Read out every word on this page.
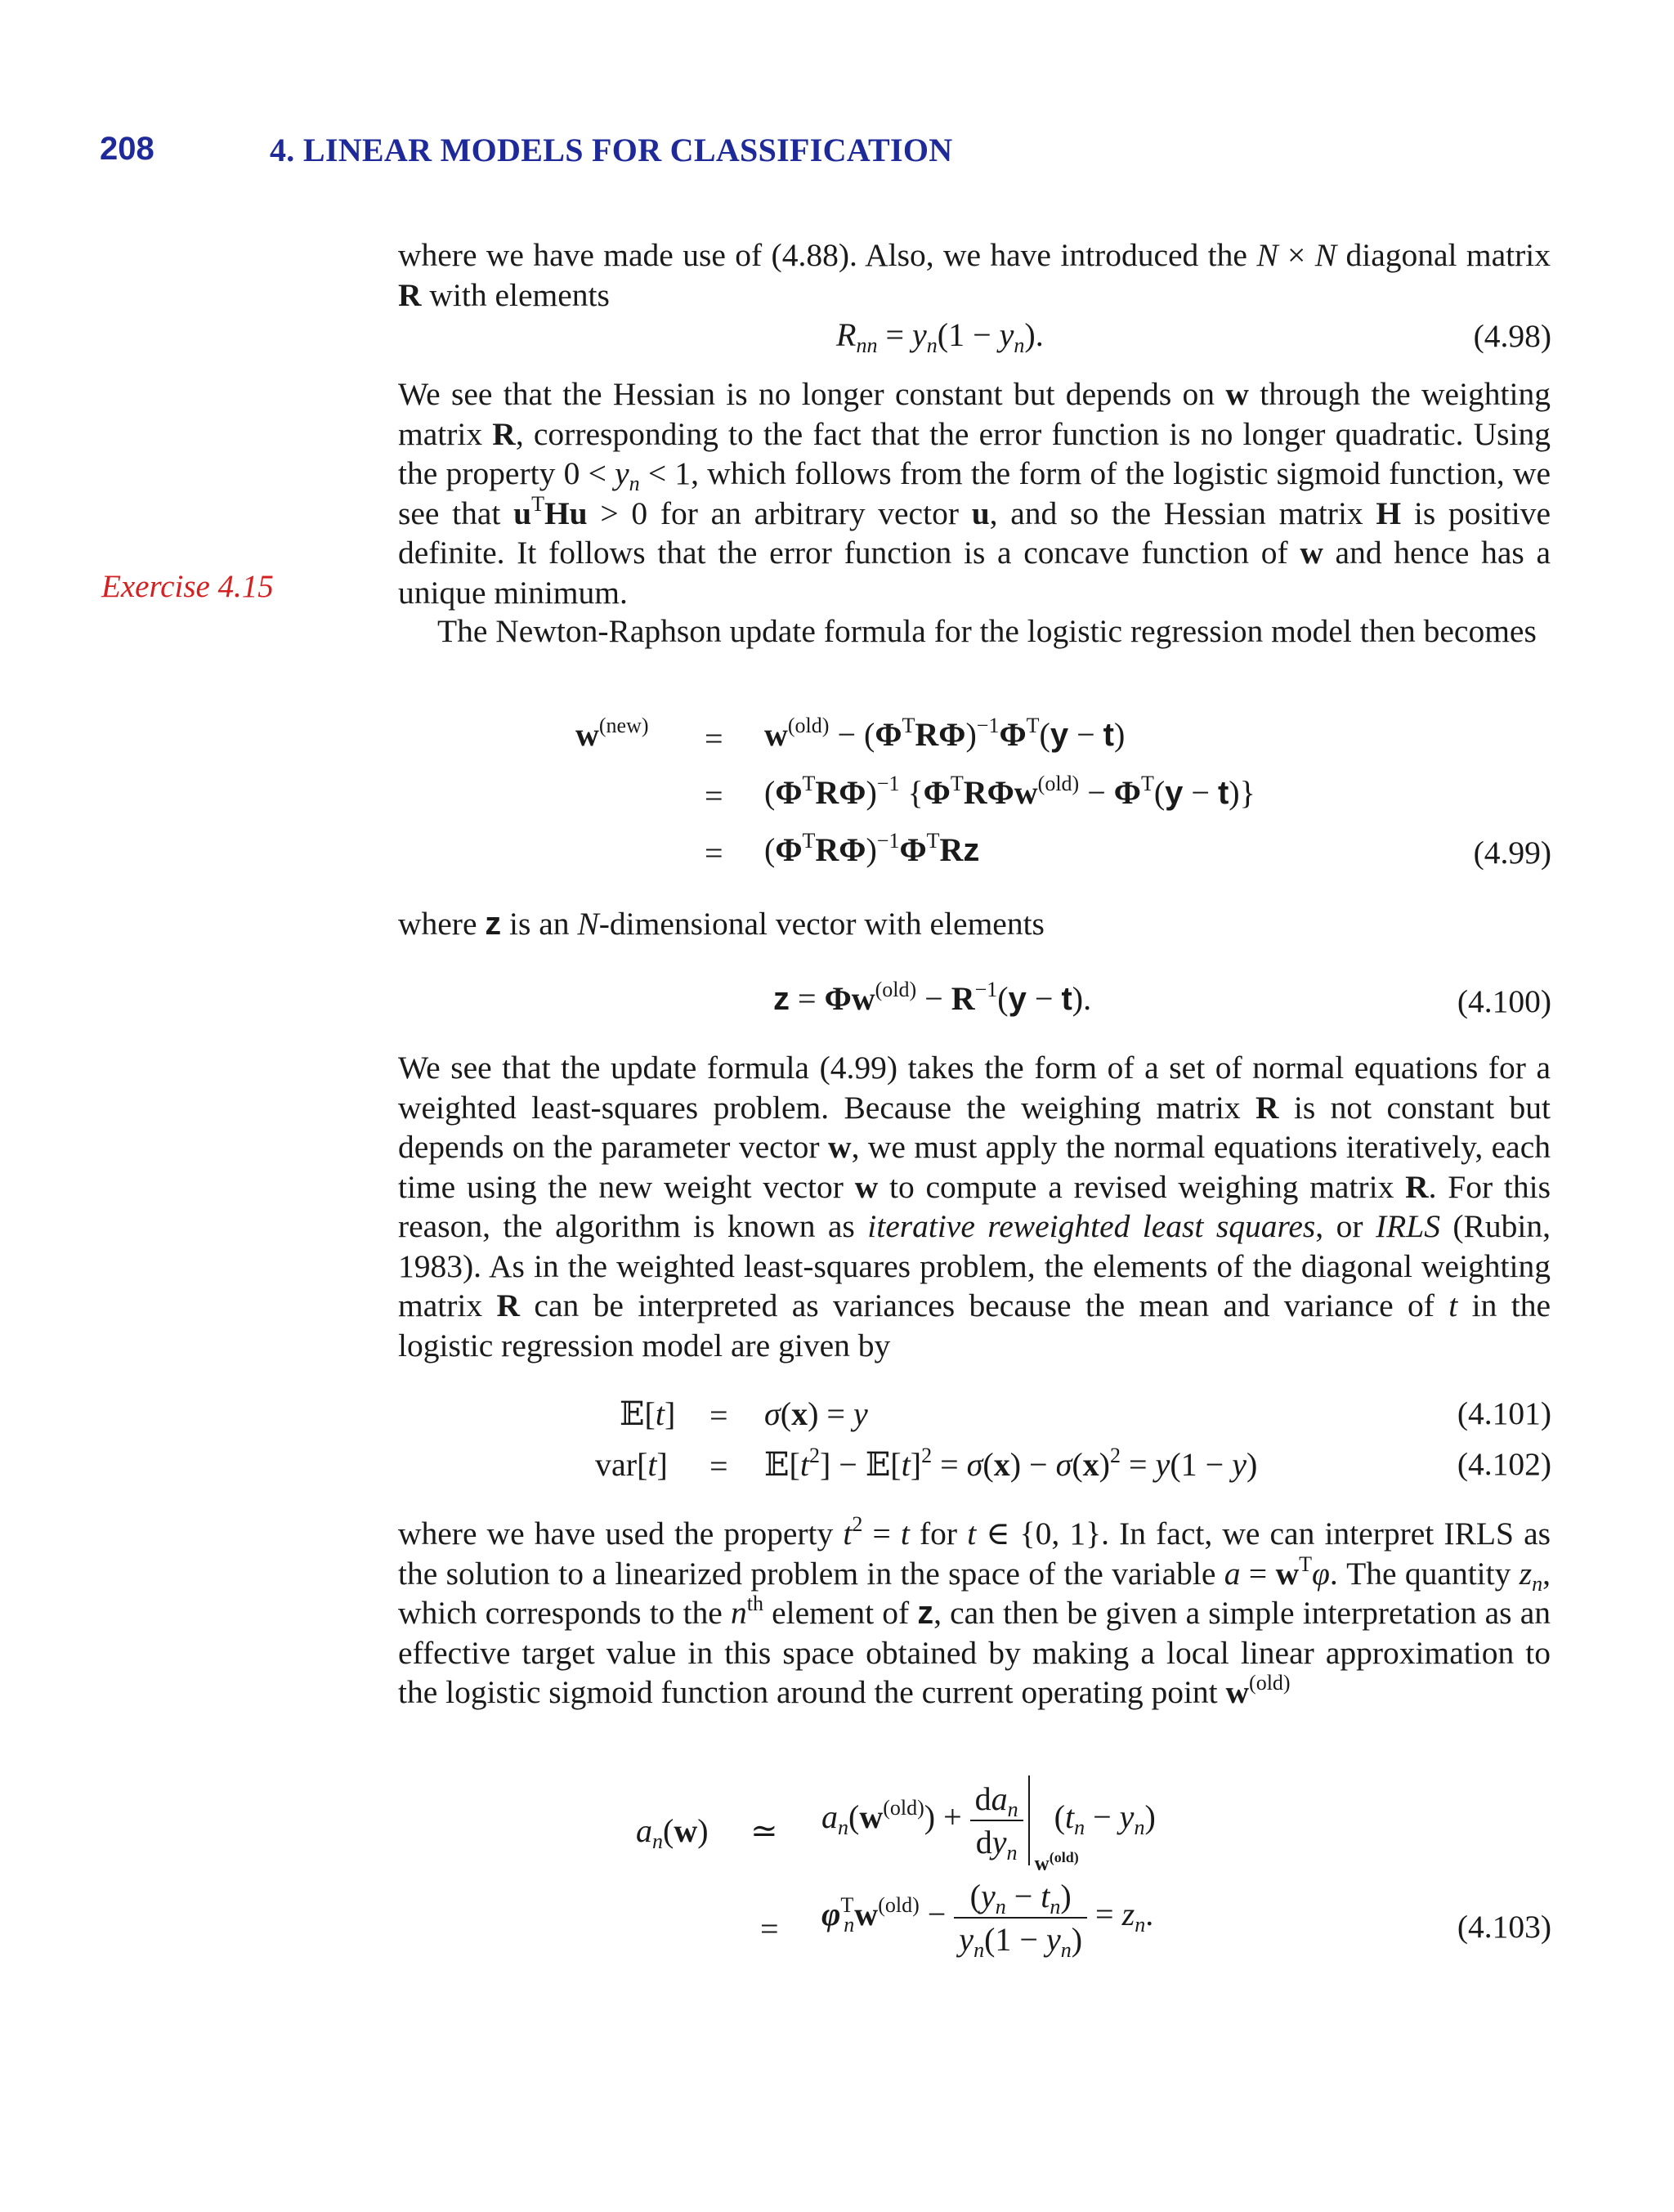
208	4. LINEAR MODELS FOR CLASSIFICATION
Exercise 4.15
where we have made use of (4.88). Also, we have introduced the N × N diagonal matrix R with elements
$R_{nn} = y_n(1 - y_n)$.	(4.98)
We see that the Hessian is no longer constant but depends on w through the weighting matrix R, corresponding to the fact that the error function is no longer quadratic. Using the property $0 < y_n < 1$, which follows from the form of the logistic sigmoid function, we see that $u^THu > 0$ for an arbitrary vector u, and so the Hessian matrix H is positive definite. It follows that the error function is a concave function of w and hence has a unique minimum.
The Newton-Raphson update formula for the logistic regression model then becomes
$w^{(new)} = w^{(old)} - (\Phi^TR\Phi)^{-1}\Phi^T(y - t)$
= $(\Phi^TR\Phi)^{-1}$ $\{\Phi^TR\Phi w^{(old)} - \Phi^T(y - t)\}$
= $(\Phi^TR\Phi)^{-1}\Phi^TRz$	(4.99)
where z is an N-dimensional vector with elements
$z = \Phi w^{(old)} - R^{-1}(y - t)$.	(4.100)
We see that the update formula (4.99) takes the form of a set of normal equations for a weighted least-squares problem. Because the weighing matrix R is not constant but depends on the parameter vector w, we must apply the normal equations iteratively, each time using the new weight vector w to compute a revised weighing matrix R. For this reason, the algorithm is known as iterative reweighted least squares, or IRLS (Rubin, 1983). As in the weighted least-squares problem, the elements of the diagonal weighting matrix R can be interpreted as variances because the mean and variance of t in the logistic regression model are given by
𝔼[t] = σ(x) = y	(4.101)
$var[t] = 𝔼[t^2]$ − $𝔼[t]^2 = \sigma(x) - \sigma(x)^2 = y(1 - y)$	(4.102)
where we have used the property $t^2 = t$ for t ∈ {0, 1}. In fact, we can interpret IRLS as the solution to a linearized problem in the space of the variable $a = w^T\varphi$. The quantity $z_n$, which corresponds to the $n^{th}$ element of z, can then be given a simple interpretation as an effective target value in this space obtained by making a local linear approximation to the logistic sigmoid function around the current operating point $w^{(old)}$
$a_n(w)$ ≃ $a_n(w^{(old)}) + \frac{da_n}{dy_n}$
$w^{(old)}$
$(t_n - y_n)$
= $\varphi^T_nw^{(old)} - \frac{(y_n - t_n)}{y_n(1 - y_n)} = z_n$.	(4.103)
